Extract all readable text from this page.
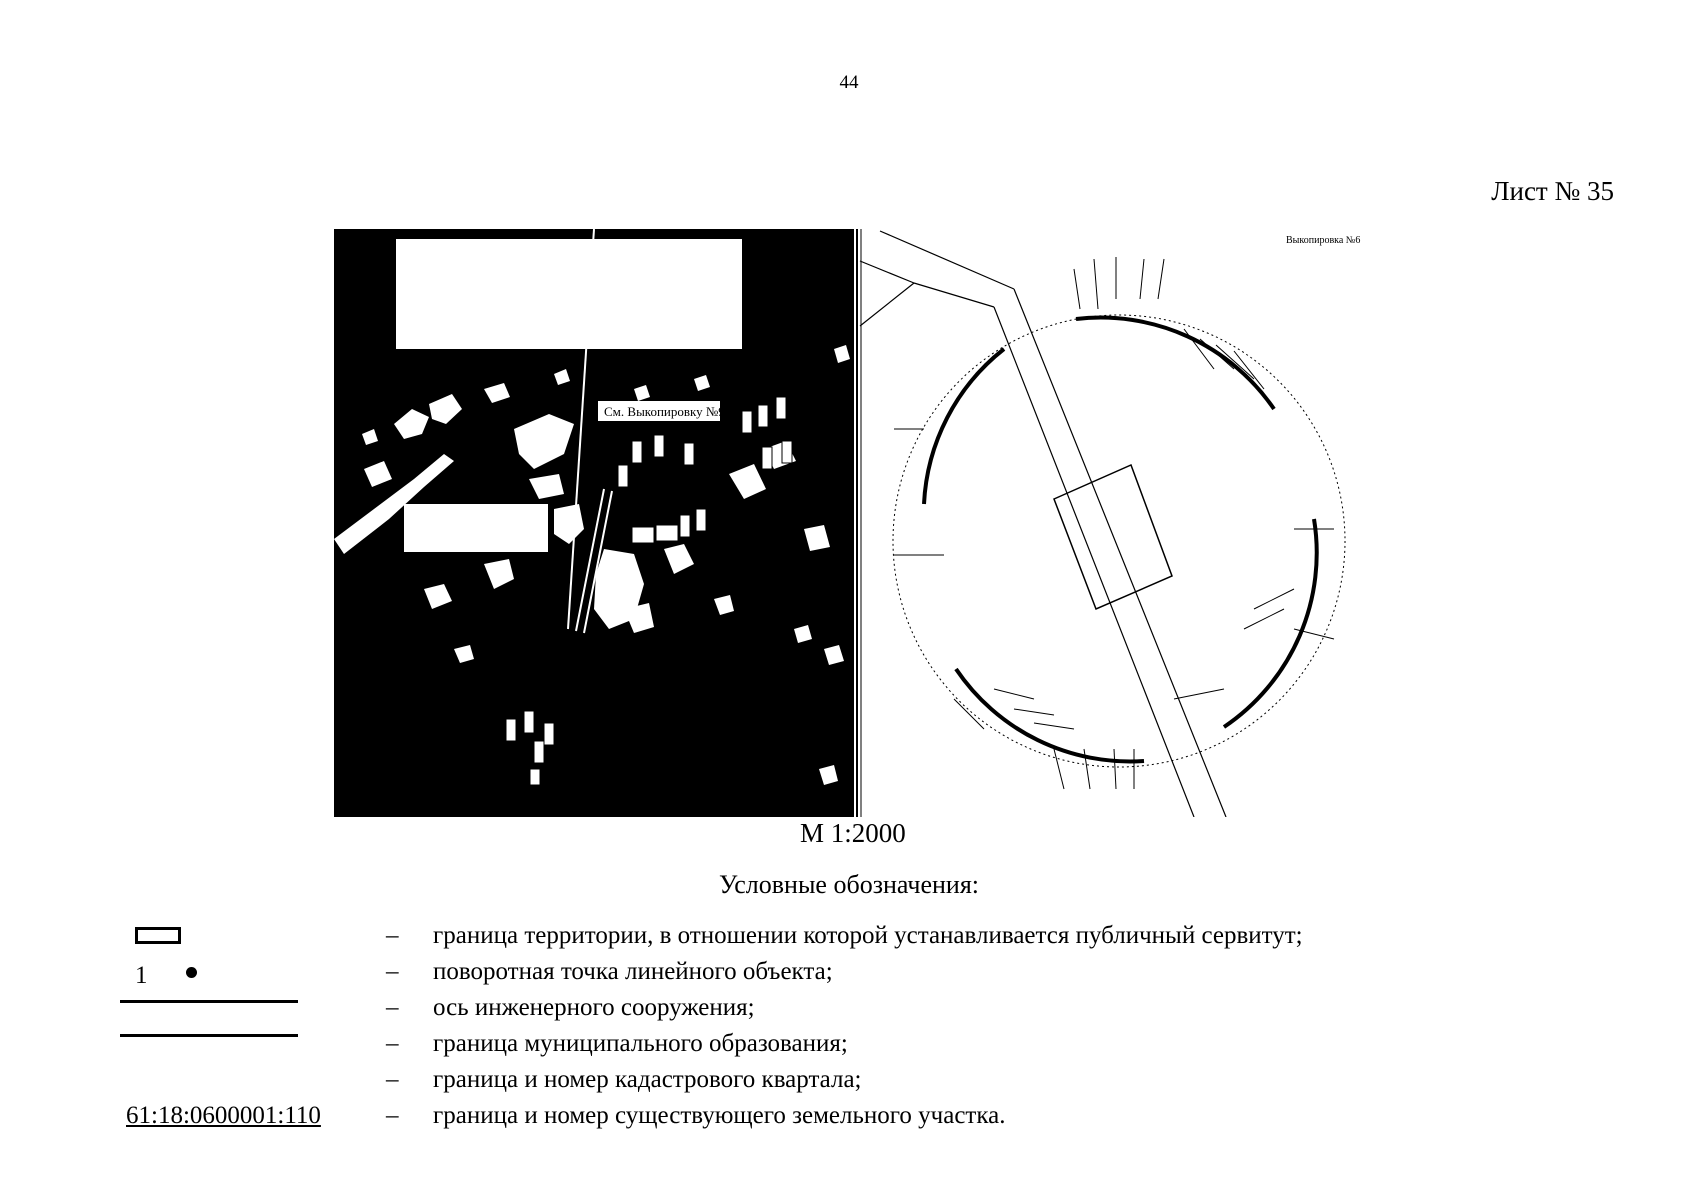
44
Лист № 35
См. Выкопировку №9
Выкопировка №6
М 1:2000
Условные обозначения:
– граница территории, в отношении которой устанавливается публичный сервитут;
1	– поворотная точка линейного объекта;
– ось инженерного сооружения;
– граница муниципального образования;
– граница и номер кадастрового квартала;
61:18:0600001:110	– граница и номер существующего земельного участка.
